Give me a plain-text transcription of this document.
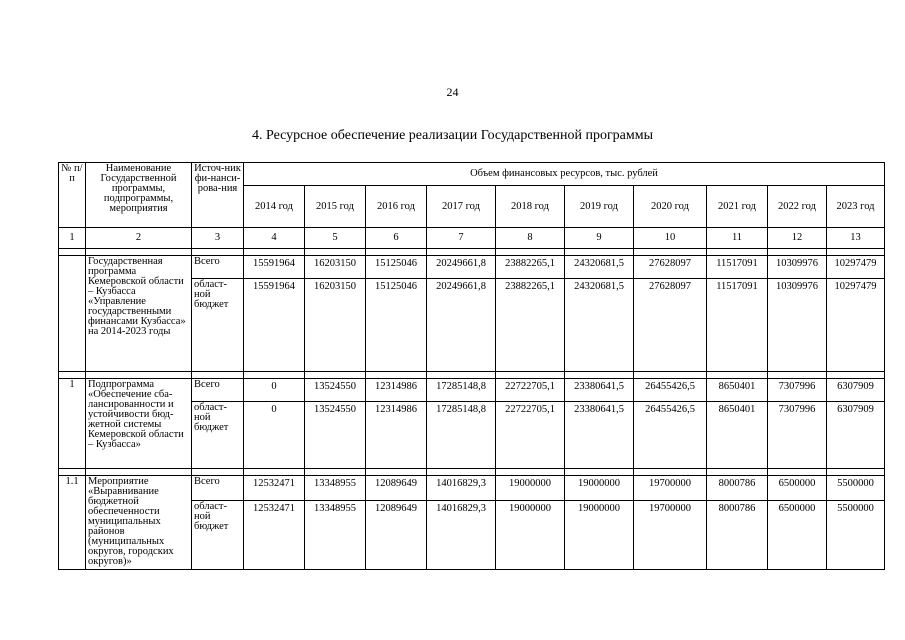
24
4. Ресурсное обеспечение реализации Государственной программы
№ п/п	Наименование Государственной программы, подпрограммы, мероприятия	Источ-ник фи-нанси-рова-ния	Объем финансовых ресурсов, тыс. рублей									
			2014 год	2015 год	2016 год	2017 год	2018 год	2019 год	2020 год	2021 год	2022 год	2023 год
1	2	3	4	5	6	7	8	9	10	11	12	13

	Государственная программа Кемеровской области – Кузбасса «Управление государственными финансами Кузбасса» на 2014-2023 годы	Всего	15591964	16203150	15125046	20249661,8	23882265,1	24320681,5	27628097	11517091	10309976	10297479
		област-ной бюджет	15591964	16203150	15125046	20249661,8	23882265,1	24320681,5	27628097	11517091	10309976	10297479

1	Подпрограмма «Обеспечение сба-лансированности и устойчивости бюд-жетной системы Кемеровской области – Кузбасса»	Всего	0	13524550	12314986	17285148,8	22722705,1	23380641,5	26455426,5	8650401	7307996	6307909
		област-ной бюджет	0	13524550	12314986	17285148,8	22722705,1	23380641,5	26455426,5	8650401	7307996	6307909

1.1	Мероприятие «Выравнивание бюджетной обеспеченности муниципальных районов (муниципальных округов, городских округов)»	Всего	12532471	13348955	12089649	14016829,3	19000000	19000000	19700000	8000786	6500000	5500000
		област-ной бюджет	12532471	13348955	12089649	14016829,3	19000000	19000000	19700000	8000786	6500000	5500000
